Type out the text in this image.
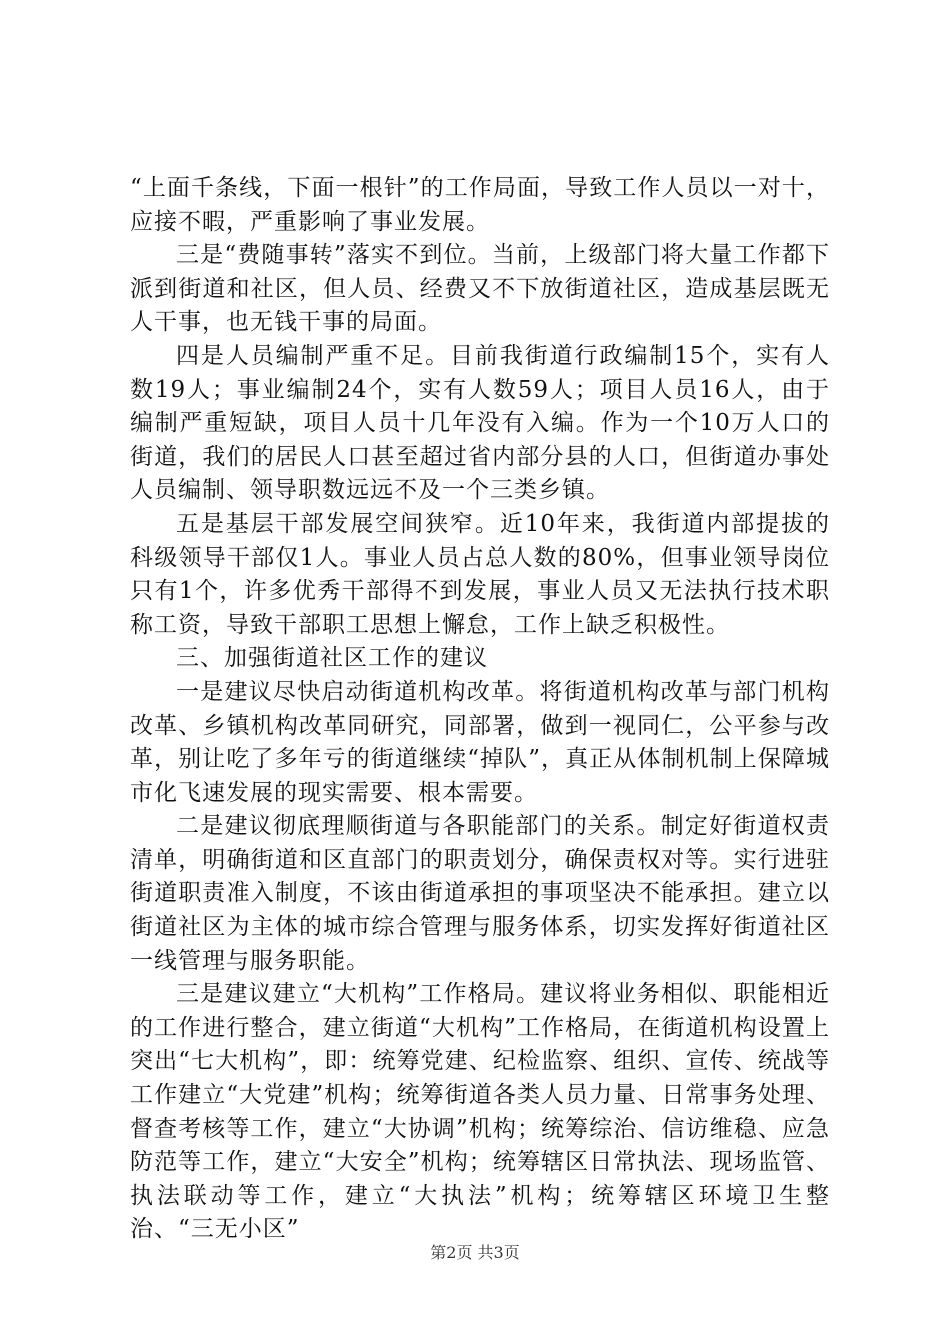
“上面千条线，下面一根针”的工作局面，导致工作人员以一对十，应接不暇，严重影响了事业发展。

三是“费随事转”落实不到位。当前，上级部门将大量工作都下派到街道和社区，但人员、经费又不下放街道社区，造成基层既无人干事，也无钱干事的局面。

四是人员编制严重不足。目前我街道行政编制15个，实有人数19人；事业编制24个，实有人数59人；项目人员16人，由于编制严重短缺，项目人员十几年没有入编。作为一个10万人口的街道，我们的居民人口甚至超过省内部分县的人口，但街道办事处人员编制、领导职数远远不及一个三类乡镇。

五是基层干部发展空间狭窄。近10年来，我街道内部提拔的科级领导干部仅1人。事业人员占总人数的80%，但事业领导岗位只有1个，许多优秀干部得不到发展，事业人员又无法执行技术职称工资，导致干部职工思想上懈怠，工作上缺乏积极性。

三、加强街道社区工作的建议

一是建议尽快启动街道机构改革。将街道机构改革与部门机构改革、乡镇机构改革同研究，同部署，做到一视同仁，公平参与改革，别让吃了多年亏的街道继续“掉队”，真正从体制机制上保障城市化飞速发展的现实需要、根本需要。

二是建议彻底理顺街道与各职能部门的关系。制定好街道权责清单，明确街道和区直部门的职责划分，确保责权对等。实行进驻街道职责准入制度，不该由街道承担的事项坚决不能承担。建立以街道社区为主体的城市综合管理与服务体系，切实发挥好街道社区一线管理与服务职能。

三是建议建立“大机构”工作格局。建议将业务相似、职能相近的工作进行整合，建立街道“大机构”工作格局，在街道机构设置上突出“七大机构”，即：统筹党建、纪检监察、组织、宣传、统战等工作建立“大党建”机构；统筹街道各类人员力量、日常事务处理、督查考核等工作，建立“大协调”机构；统筹综治、信访维稳、应急防范等工作，建立“大安全”机构；统筹辖区日常执法、现场监管、执法联动等工作，建立“大执法”机构；统筹辖区环境卫生整治、“三无小区”

第2页 共3页
